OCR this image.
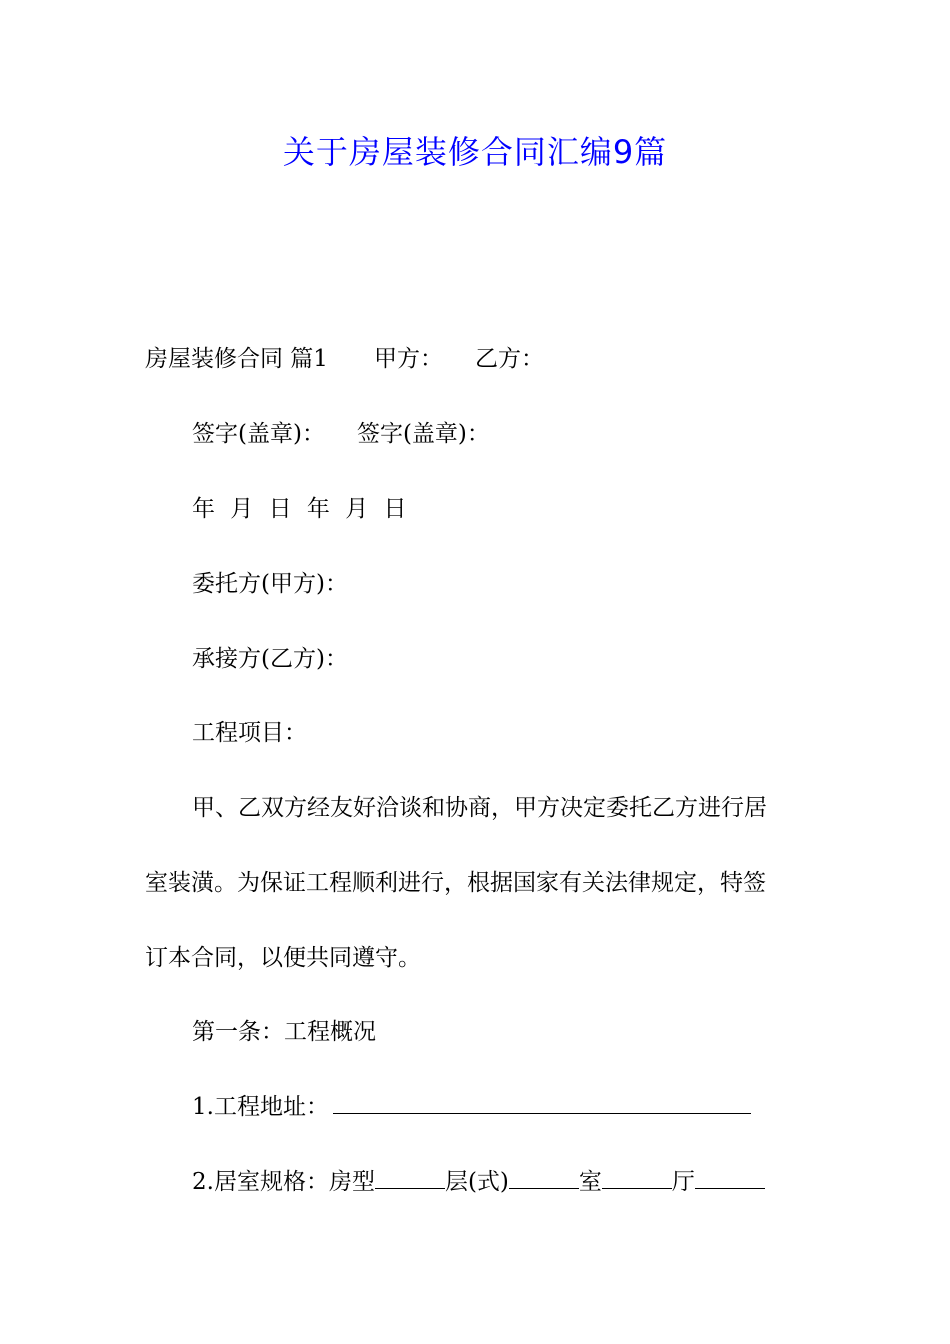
关于房屋装修合同汇编9篇
房屋装修合同 篇1 甲方： 乙方：
签字(盖章)： 签字(盖章)：
年 月 日 年 月 日
委托方(甲方)：
承接方(乙方)：
工程项目：
甲、乙双方经友好洽谈和协商，甲方决定委托乙方进行居
室装潢。为保证工程顺利进行，根据国家有关法律规定，特签
订本合同，以便共同遵守。
第一条：工程概况
1.工程地址：
2.居室规格：房型	层(式)	室	厅
